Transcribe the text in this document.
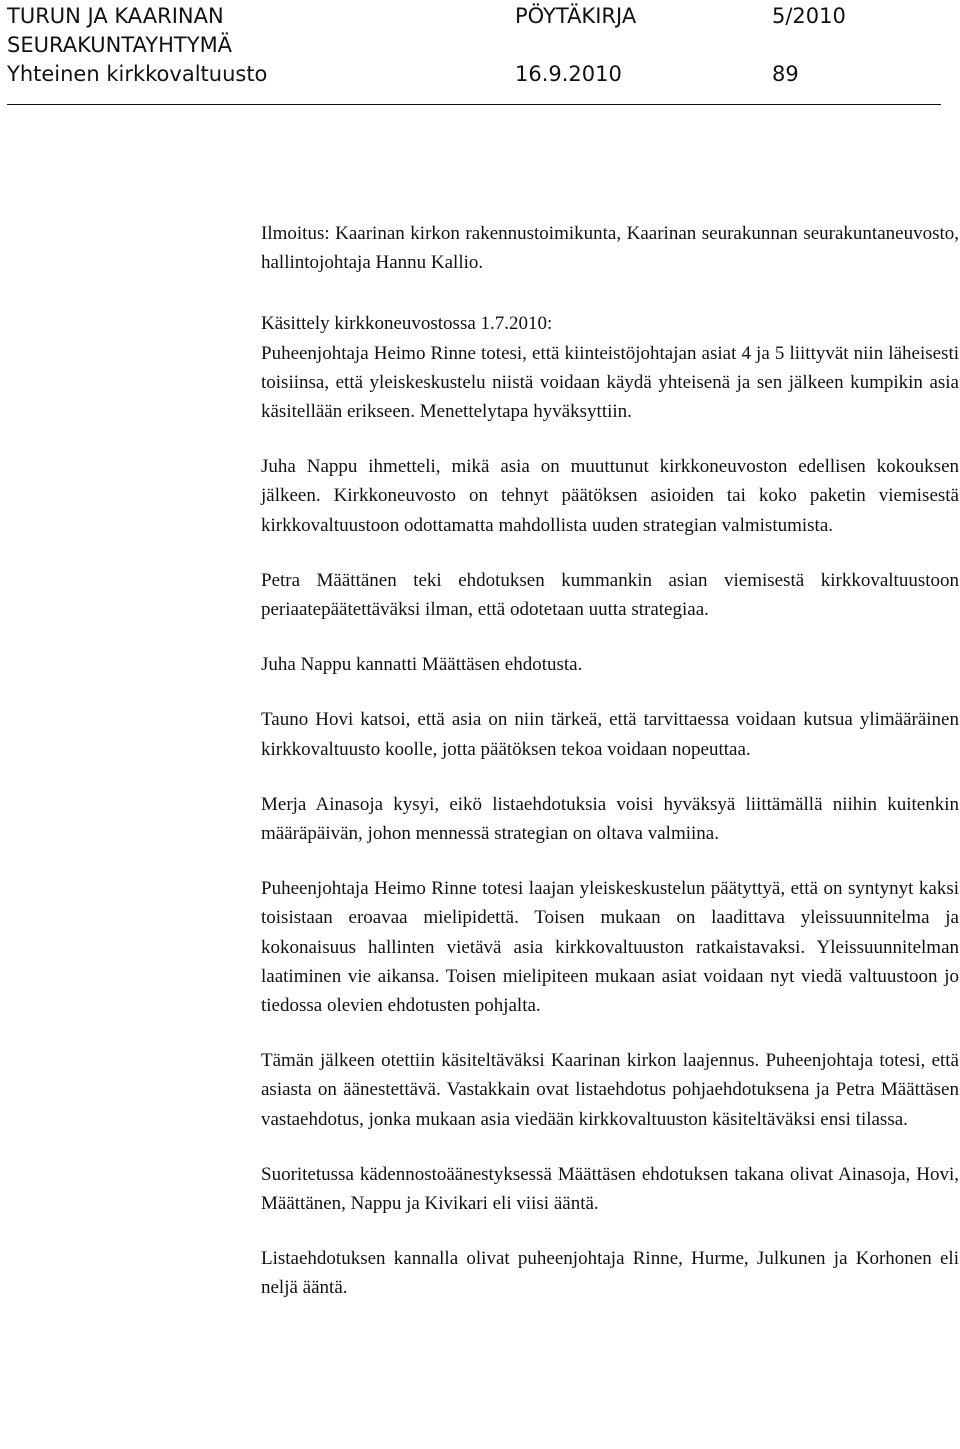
TURUN JA KAARINAN	PÖYTÄKIRJA	5/2010
SEURAKUNTAYHTYMÄ
Yhteinen kirkkovaltuusto	16.9.2010	89

Ilmoitus: Kaarinan kirkon rakennustoimikunta, Kaarinan seurakunnan seurakuntaneuvosto, hallintojohtaja Hannu Kallio.

Käsittely kirkkoneuvostossa 1.7.2010:

Puheenjohtaja Heimo Rinne totesi, että kiinteistöjohtajan asiat 4 ja 5 liittyvät niin läheisesti toisiinsa, että yleiskeskustelu niistä voidaan käydä yhteisenä ja sen jälkeen kumpikin asia käsitellään erikseen. Menettelytapa hyväksyttiin.

Juha Nappu ihmetteli, mikä asia on muuttunut kirkkoneuvoston edellisen kokouksen jälkeen. Kirkkoneuvosto on tehnyt päätöksen asioiden tai koko paketin viemisestä kirkkovaltuustoon odottamatta mahdollista uuden strategian valmistumista.

Petra Määttänen teki ehdotuksen kummankin asian viemisestä kirkkovaltuustoon periaatepäätettäväksi ilman, että odotetaan uutta strategiaa.

Juha Nappu kannatti Määttäsen ehdotusta.

Tauno Hovi katsoi, että asia on niin tärkeä, että tarvittaessa voidaan kutsua ylimääräinen kirkkovaltuusto koolle, jotta päätöksen tekoa voidaan nopeuttaa.

Merja Ainasoja kysyi, eikö listaehdotuksia voisi hyväksyä liittämällä niihin kuitenkin määräpäivän, johon mennessä strategian on oltava valmiina.

Puheenjohtaja Heimo Rinne totesi laajan yleiskeskustelun päätyttyä, että on syntynyt kaksi toisistaan eroavaa mielipidettä. Toisen mukaan on laadittava yleissuunnitelma ja kokonaisuus hallinten vietävä asia kirkkovaltuuston ratkaistavaksi. Yleissuunnitelman laatiminen vie aikansa. Toisen mielipiteen mukaan asiat voidaan nyt viedä valtuustoon jo tiedossa olevien ehdotusten pohjalta.

Tämän jälkeen otettiin käsiteltäväksi Kaarinan kirkon laajennus. Puheenjohtaja totesi, että asiasta on äänestettävä. Vastakkain ovat listaehdotus pohjaehdotuksena ja Petra Määttäsen vastaehdotus, jonka mukaan asia viedään kirkkovaltuuston käsiteltäväksi ensi tilassa.

Suoritetussa kädennostoäänestyksessä Määttäsen ehdotuksen takana olivat Ainasoja, Hovi, Määttänen, Nappu ja Kivikari eli viisi ääntä.

Listaehdotuksen kannalla olivat puheenjohtaja Rinne, Hurme, Julkunen ja Korhonen eli neljä ääntä.
